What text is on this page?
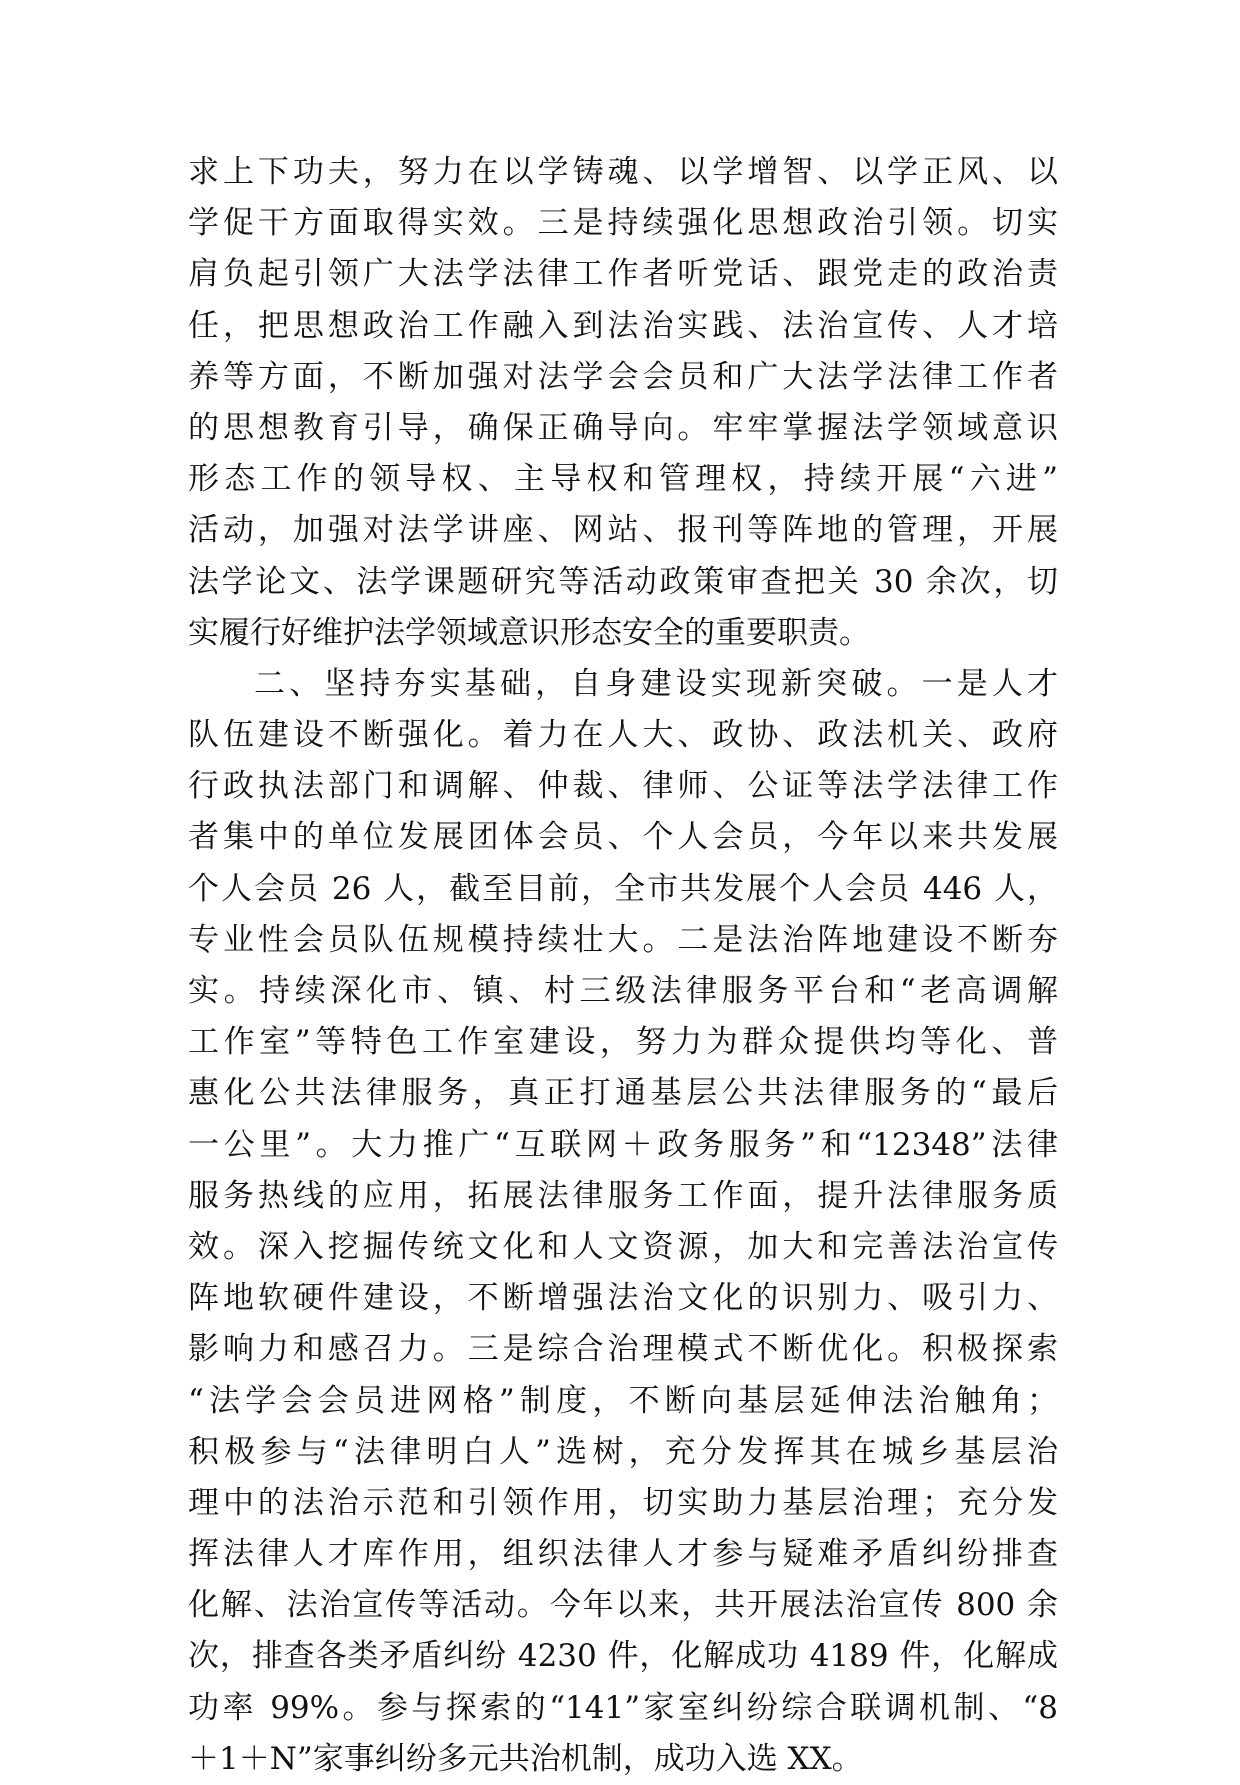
求上下功夫，努力在以学铸魂、以学增智、以学正风、以
学促干方面取得实效。三是持续强化思想政治引领。切实
肩负起引领广大法学法律工作者听党话、跟党走的政治责
任，把思想政治工作融入到法治实践、法治宣传、人才培
养等方面，不断加强对法学会会员和广大法学法律工作者
的思想教育引导，确保正确导向。牢牢掌握法学领域意识
形态工作的领导权、主导权和管理权，持续开展“六进”
活动，加强对法学讲座、网站、报刊等阵地的管理，开展
法学论文、法学课题研究等活动政策审查把关 30 余次，切
实履行好维护法学领域意识形态安全的重要职责。
二、坚持夯实基础，自身建设实现新突破。一是人才
队伍建设不断强化。着力在人大、政协、政法机关、政府
行政执法部门和调解、仲裁、律师、公证等法学法律工作
者集中的单位发展团体会员、个人会员，今年以来共发展
个人会员 26 人，截至目前，全市共发展个人会员 446 人，
专业性会员队伍规模持续壮大。二是法治阵地建设不断夯
实。持续深化市、镇、村三级法律服务平台和“老高调解
工作室”等特色工作室建设，努力为群众提供均等化、普
惠化公共法律服务，真正打通基层公共法律服务的“最后
一公里”。大力推广“互联网＋政务服务”和“12348”法律
服务热线的应用，拓展法律服务工作面，提升法律服务质
效。深入挖掘传统文化和人文资源，加大和完善法治宣传
阵地软硬件建设，不断增强法治文化的识别力、吸引力、
影响力和感召力。三是综合治理模式不断优化。积极探索
“法学会会员进网格”制度，不断向基层延伸法治触角；
积极参与“法律明白人”选树，充分发挥其在城乡基层治
理中的法治示范和引领作用，切实助力基层治理；充分发
挥法律人才库作用，组织法律人才参与疑难矛盾纠纷排查
化解、法治宣传等活动。今年以来，共开展法治宣传 800 余
次，排查各类矛盾纠纷 4230 件，化解成功 4189 件，化解成
功率 99%。参与探索的“141”家室纠纷综合联调机制、“8
＋1＋N”家事纠纷多元共治机制，成功入选 XX。
